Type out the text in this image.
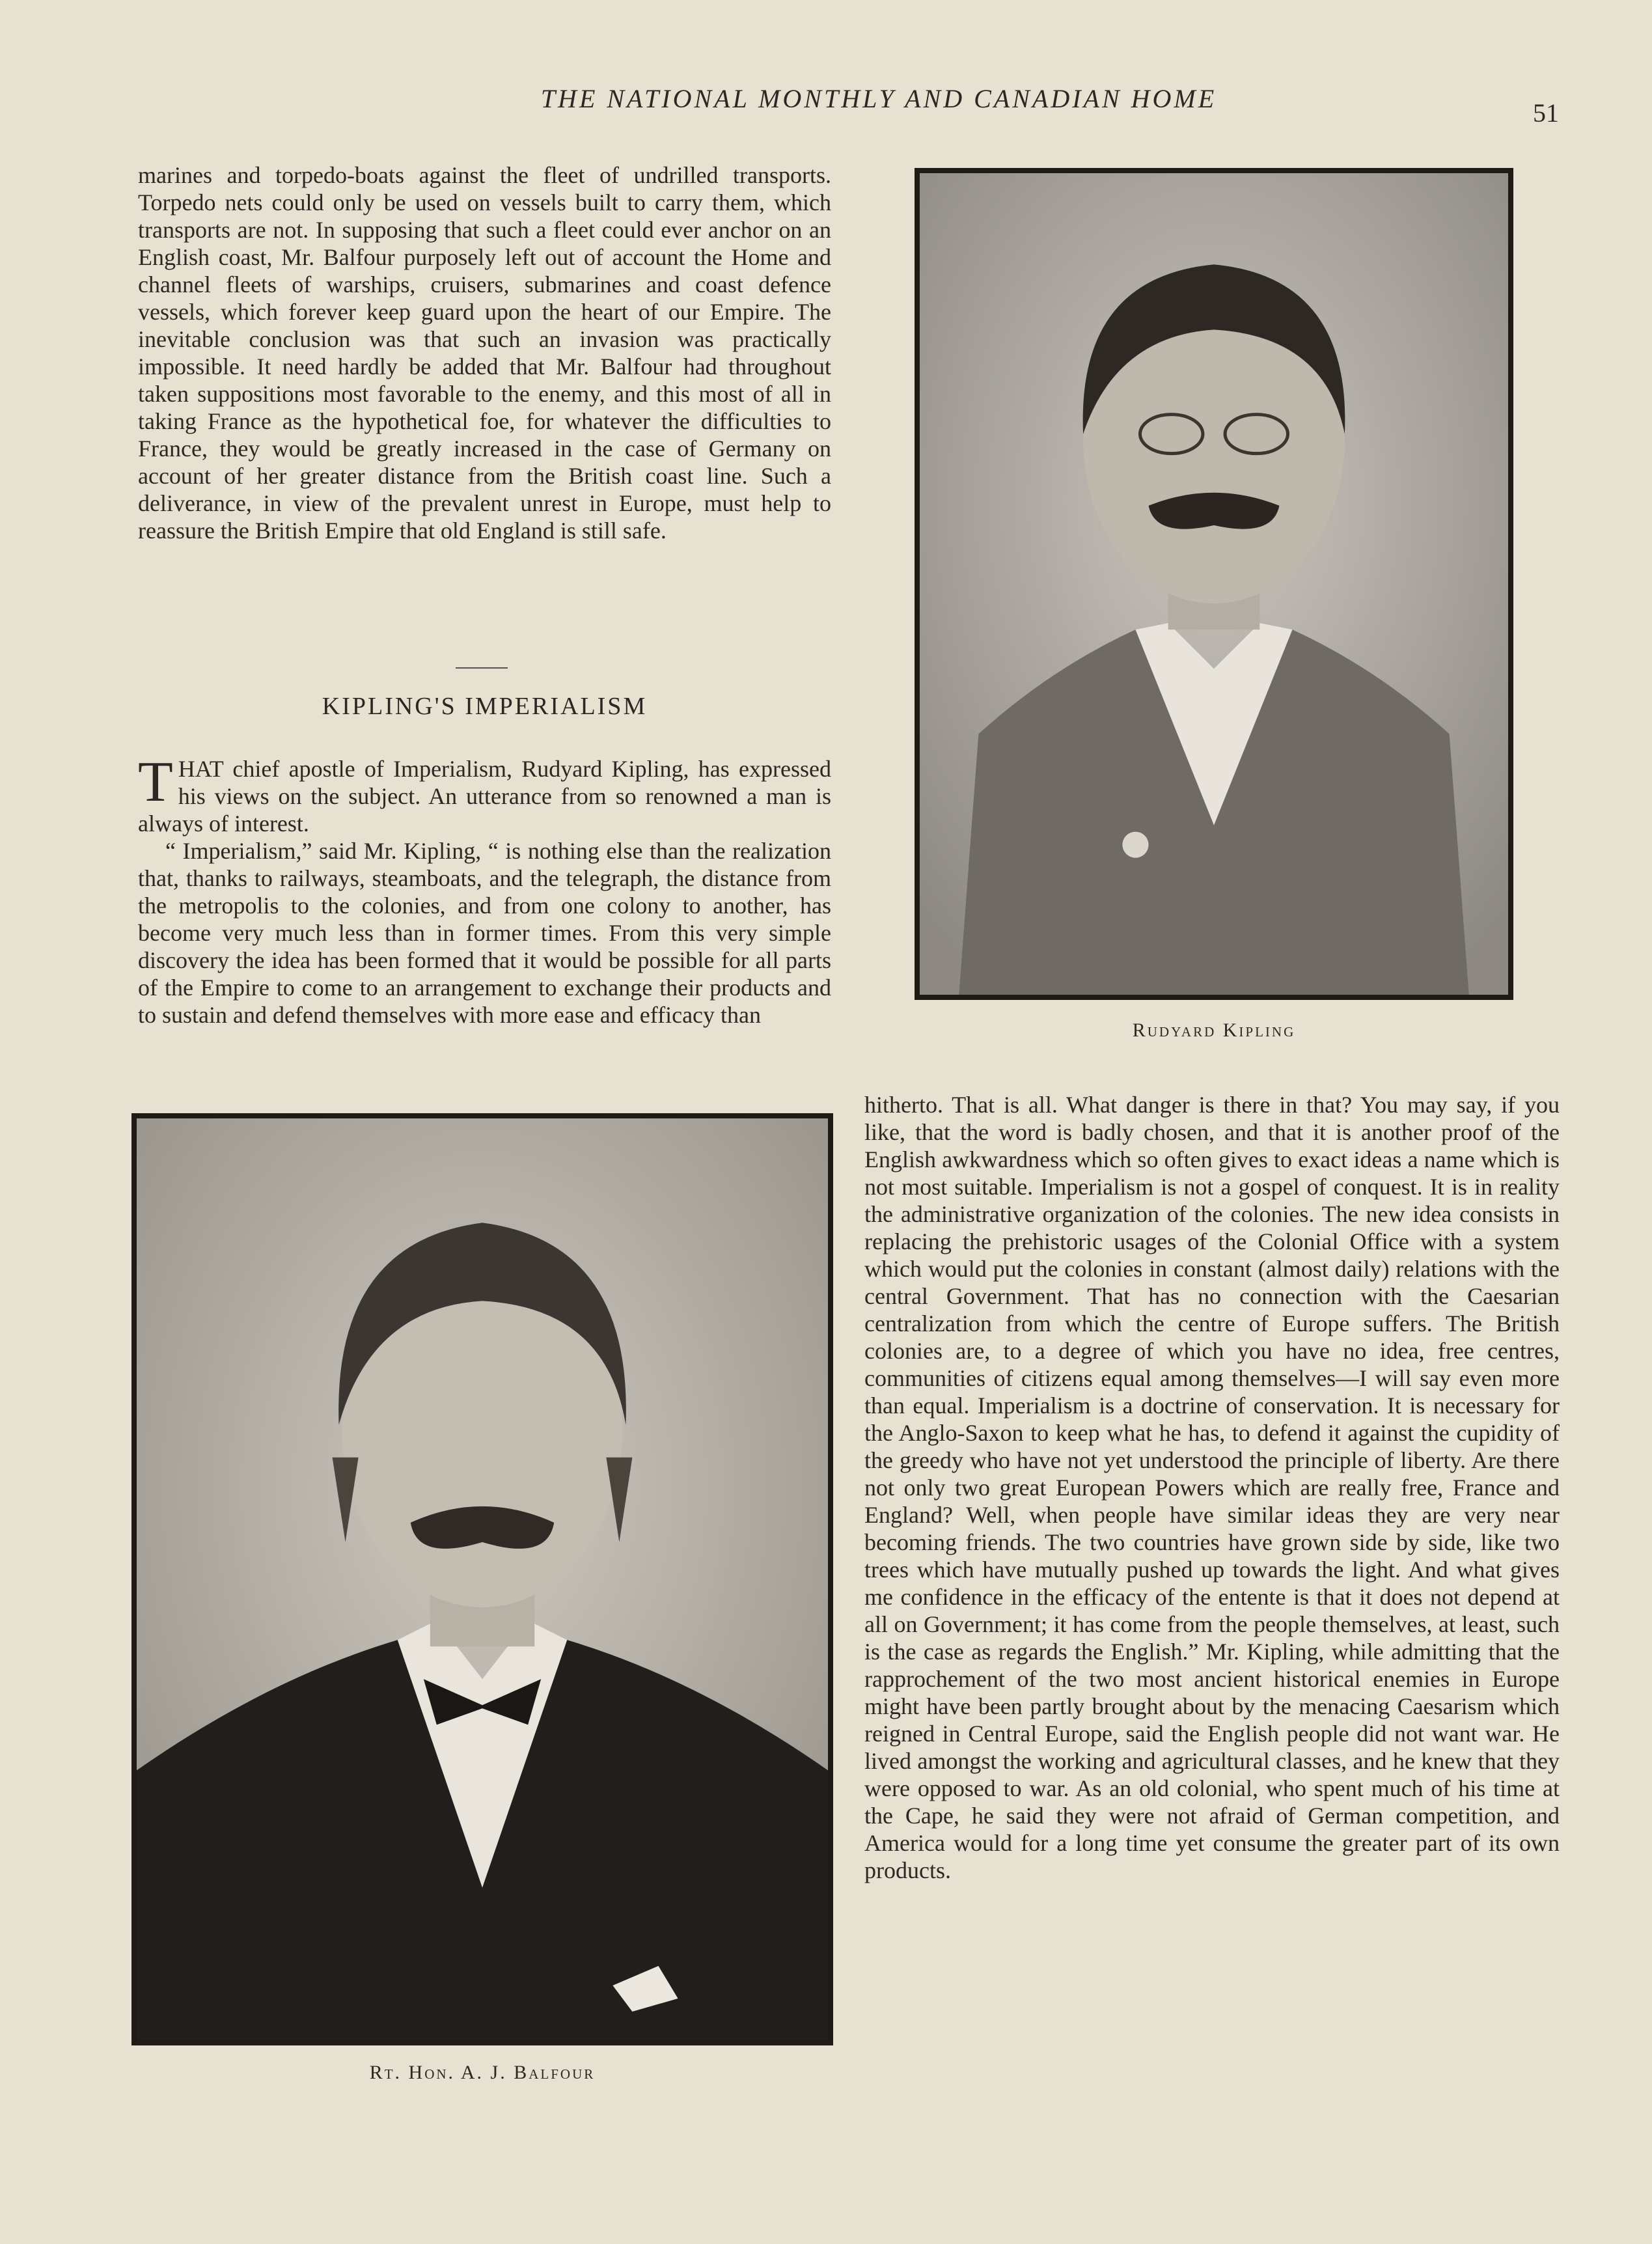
THE NATIONAL MONTHLY AND CANADIAN HOME	51

marines and torpedo-boats against the fleet of undrilled transports. Torpedo nets could only be used on vessels built to carry them, which transports are not. In supposing that such a fleet could ever anchor on an English coast, Mr. Balfour purposely left out of account the Home and channel fleets of warships, cruisers, submarines and coast defence vessels, which forever keep guard upon the heart of our Empire. The inevitable conclusion was that such an invasion was practically impossible. It need hardly be added that Mr. Balfour had throughout taken suppositions most favorable to the enemy, and this most of all in taking France as the hypothetical foe, for whatever the difficulties to France, they would be greatly increased in the case of Germany on account of her greater distance from the British coast line. Such a deliverance, in view of the prevalent unrest in Europe, must help to reassure the British Empire that old England is still safe.

KIPLING'S IMPERIALISM

THAT chief apostle of Imperialism, Rudyard Kipling, has expressed his views on the subject. An utterance from so renowned a man is always of interest.

“ Imperialism,” said Mr. Kipling, “ is nothing else than the realization that, thanks to railways, steamboats, and the telegraph, the distance from the metropolis to the colonies, and from one colony to another, has become very much less than in former times. From this very simple discovery the idea has been formed that it would be possible for all parts of the Empire to come to an arrangement to exchange their products and to sustain and defend themselves with more ease and efficacy than

Rudyard Kipling
Rt. Hon. A. J. Balfour

hitherto. That is all. What danger is there in that? You may say, if you like, that the word is badly chosen, and that it is another proof of the English awkwardness which so often gives to exact ideas a name which is not most suitable. Imperialism is not a gospel of conquest. It is in reality the administrative organization of the colonies. The new idea consists in replacing the prehistoric usages of the Colonial Office with a system which would put the colonies in constant (almost daily) relations with the central Government. That has no connection with the Caesarian centralization from which the centre of Europe suffers. The British colonies are, to a degree of which you have no idea, free centres, communities of citizens equal among themselves—I will say even more than equal. Imperialism is a doctrine of conservation. It is necessary for the Anglo-Saxon to keep what he has, to defend it against the cupidity of the greedy who have not yet understood the principle of liberty. Are there not only two great European Powers which are really free, France and England? Well, when people have similar ideas they are very near becoming friends. The two countries have grown side by side, like two trees which have mutually pushed up towards the light. And what gives me confidence in the efficacy of the entente is that it does not depend at all on Government; it has come from the people themselves, at least, such is the case as regards the English.” Mr. Kipling, while admitting that the rapprochement of the two most ancient historical enemies in Europe might have been partly brought about by the menacing Caesarism which reigned in Central Europe, said the English people did not want war. He lived amongst the working and agricultural classes, and he knew that they were opposed to war. As an old colonial, who spent much of his time at the Cape, he said they were not afraid of German competition, and America would for a long time yet consume the greater part of its own products.
